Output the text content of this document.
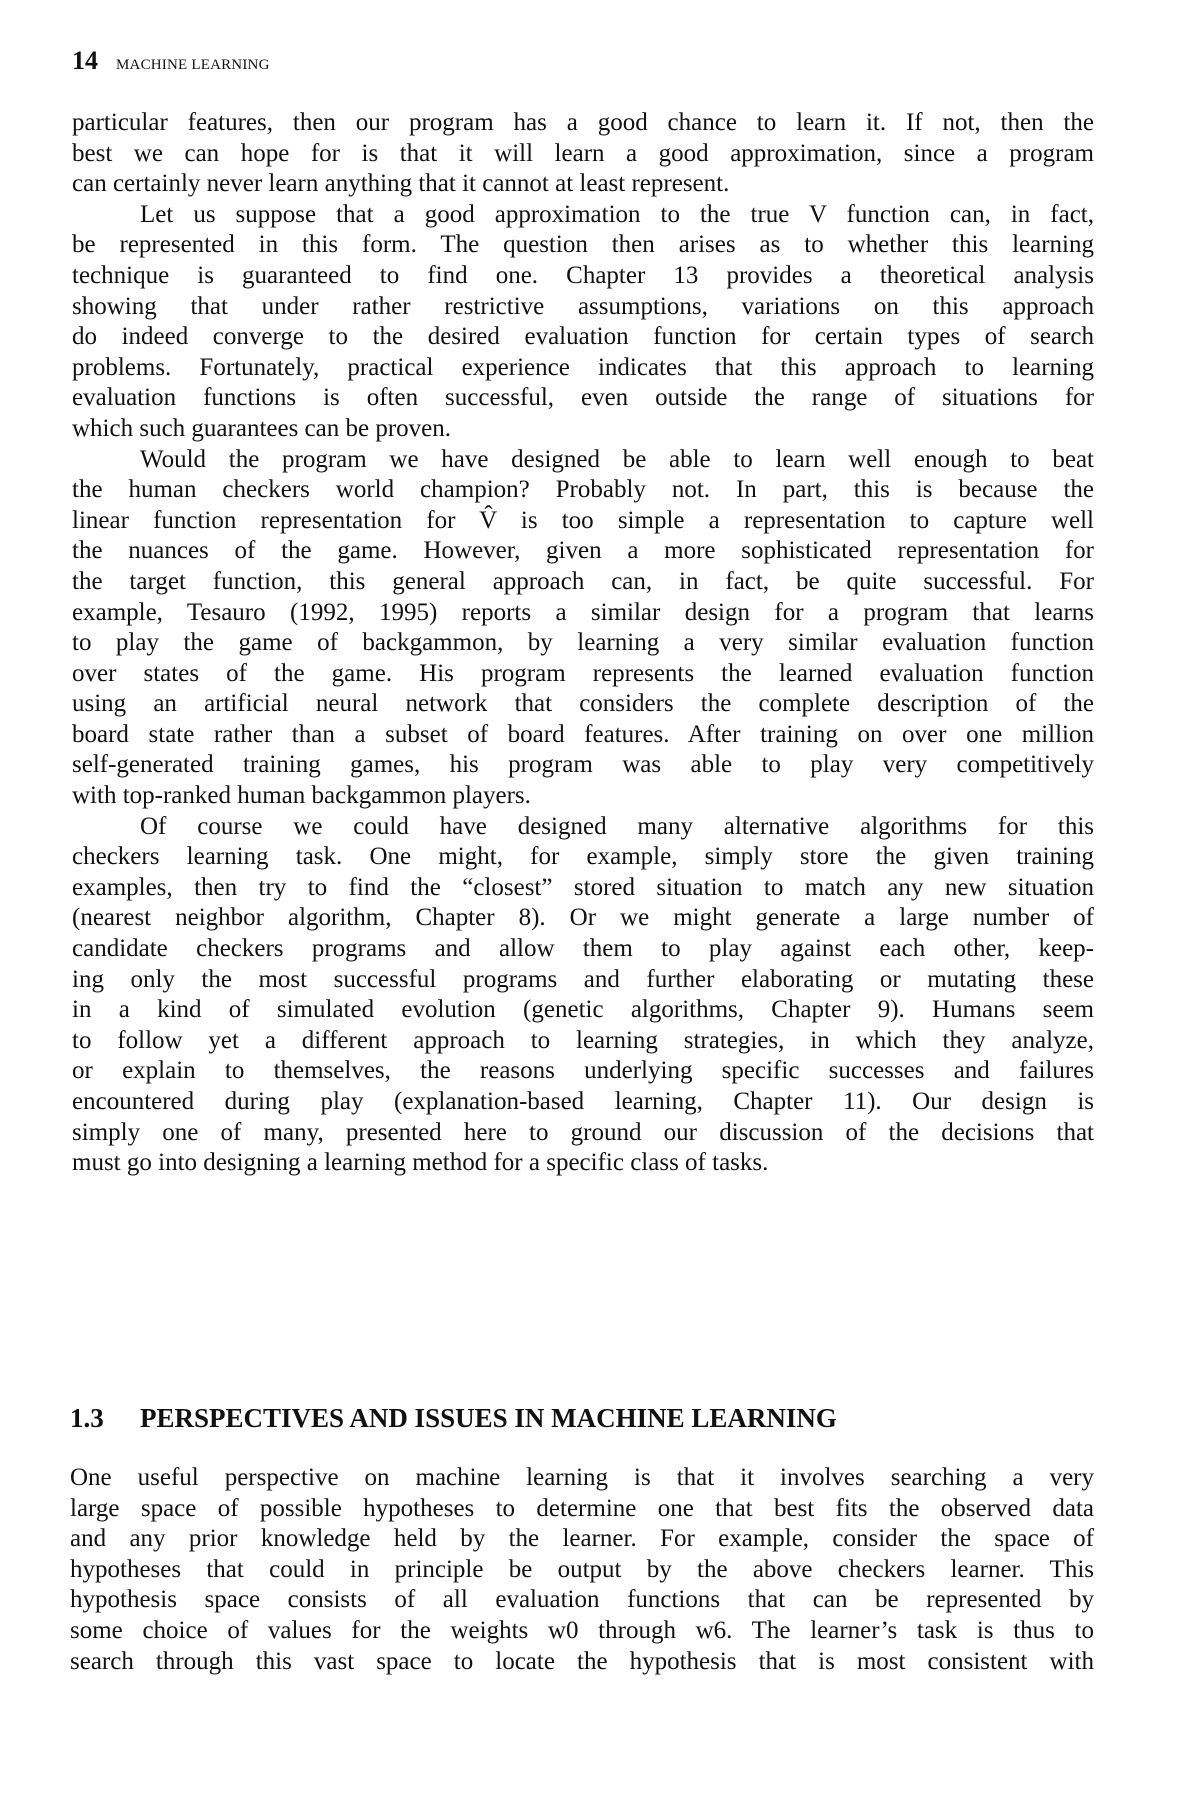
14 MACHINE LEARNING
particular features, then our program has a good chance to learn it. If not, then the
best we can hope for is that it will learn a good approximation, since a program
can certainly never learn anything that it cannot at least represent.
Let us suppose that a good approximation to the true V function can, in fact,
be represented in this form. The question then arises as to whether this learning
technique is guaranteed to find one. Chapter 13 provides a theoretical analysis
showing that under rather restrictive assumptions, variations on this approach
do indeed converge to the desired evaluation function for certain types of search
problems. Fortunately, practical experience indicates that this approach to learning
evaluation functions is often successful, even outside the range of situations for
which such guarantees can be proven.
Would the program we have designed be able to learn well enough to beat
the human checkers world champion? Probably not. In part, this is because the
linear function representation for V̂ is too simple a representation to capture well
the nuances of the game. However, given a more sophisticated representation for
the target function, this general approach can, in fact, be quite successful. For
example, Tesauro (1992, 1995) reports a similar design for a program that learns
to play the game of backgammon, by learning a very similar evaluation function
over states of the game. His program represents the learned evaluation function
using an artificial neural network that considers the complete description of the
board state rather than a subset of board features. After training on over one million
self-generated training games, his program was able to play very competitively
with top-ranked human backgammon players.
Of course we could have designed many alternative algorithms for this
checkers learning task. One might, for example, simply store the given training
examples, then try to find the “closest” stored situation to match any new situation
(nearest neighbor algorithm, Chapter 8). Or we might generate a large number of
candidate checkers programs and allow them to play against each other, keep-
ing only the most successful programs and further elaborating or mutating these
in a kind of simulated evolution (genetic algorithms, Chapter 9). Humans seem
to follow yet a different approach to learning strategies, in which they analyze,
or explain to themselves, the reasons underlying specific successes and failures
encountered during play (explanation-based learning, Chapter 11). Our design is
simply one of many, presented here to ground our discussion of the decisions that
must go into designing a learning method for a specific class of tasks.
1.3	PERSPECTIVES AND ISSUES IN MACHINE LEARNING
One useful perspective on machine learning is that it involves searching a very
large space of possible hypotheses to determine one that best fits the observed data
and any prior knowledge held by the learner. For example, consider the space of
hypotheses that could in principle be output by the above checkers learner. This
hypothesis space consists of all evaluation functions that can be represented by
some choice of values for the weights w0 through w6. The learner’s task is thus to
search through this vast space to locate the hypothesis that is most consistent with
